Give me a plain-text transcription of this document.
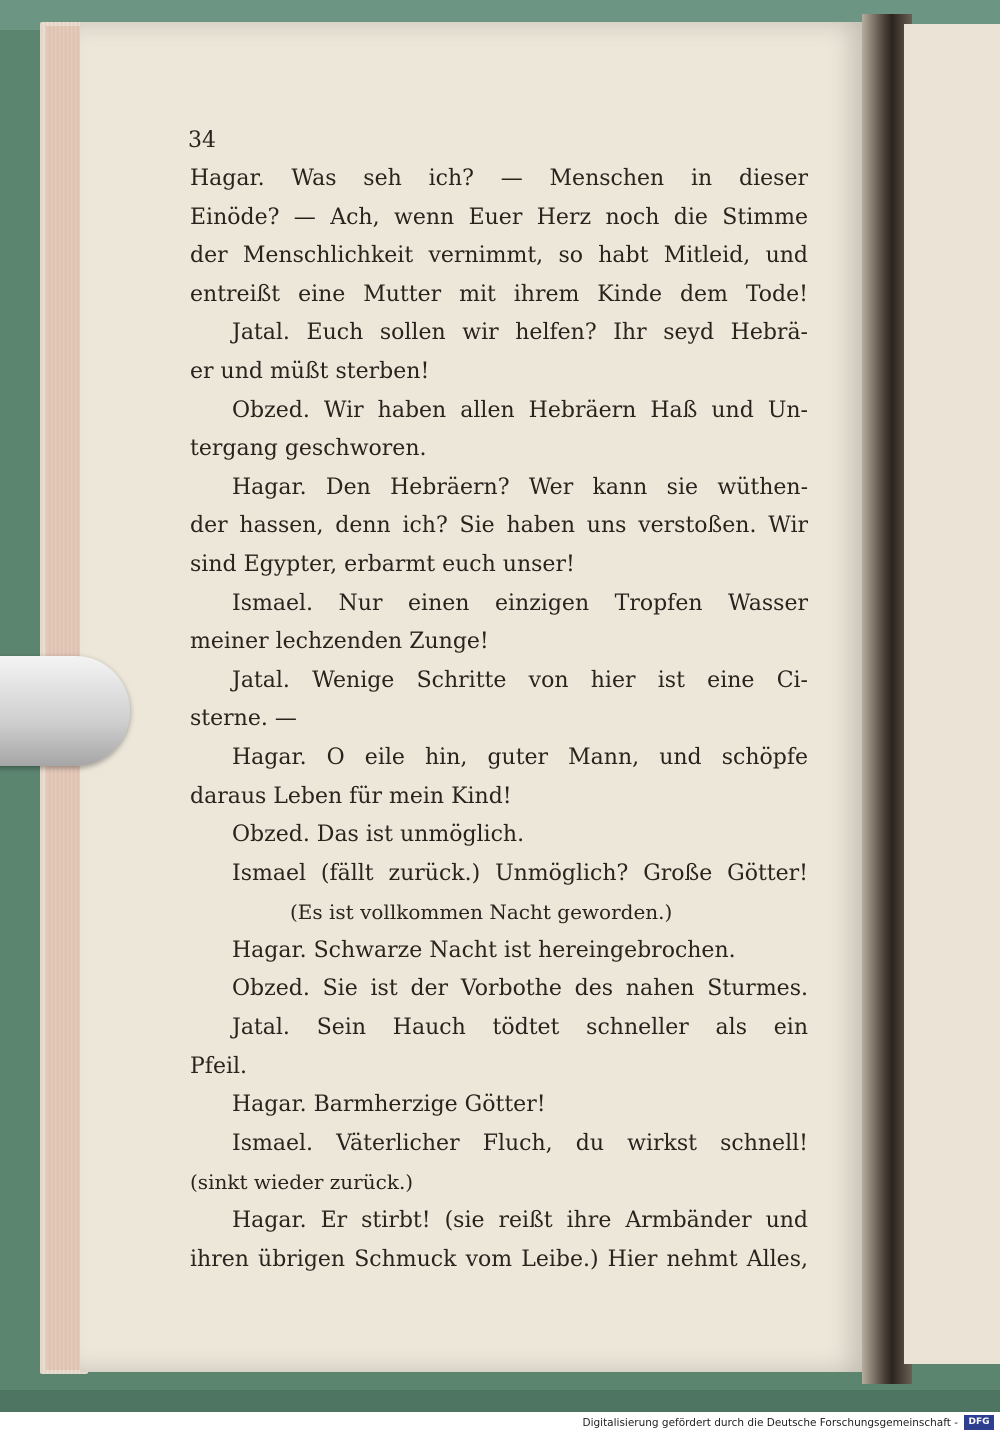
34
Hagar. Was seh ich? — Menschen in dieser
Einöde? — Ach, wenn Euer Herz noch die Stimme
der Menschlichkeit vernimmt, so habt Mitleid, und
entreißt eine Mutter mit ihrem Kinde dem Tode!
Jatal. Euch sollen wir helfen? Ihr seyd Hebrä-
er und müßt sterben!
Obzed. Wir haben allen Hebräern Haß und Un-
tergang geschworen.
Hagar. Den Hebräern? Wer kann sie wüthen-
der hassen, denn ich? Sie haben uns verstoßen. Wir
sind Egypter, erbarmt euch unser!
Ismael. Nur einen einzigen Tropfen Wasser
meiner lechzenden Zunge!
Jatal. Wenige Schritte von hier ist eine Ci-
sterne. —
Hagar. O eile hin, guter Mann, und schöpfe
daraus Leben für mein Kind!
Obzed. Das ist unmöglich.
Ismael (fällt zurück.) Unmöglich? Große Götter!
(Es ist vollkommen Nacht geworden.)
Hagar. Schwarze Nacht ist hereingebrochen.
Obzed. Sie ist der Vorbothe des nahen Sturmes.
Jatal. Sein Hauch tödtet schneller als ein
Pfeil.
Hagar. Barmherzige Götter!
Ismael. Väterlicher Fluch, du wirkst schnell!
(sinkt wieder zurück.)
Hagar. Er stirbt! (sie reißt ihre Armbänder und
ihren übrigen Schmuck vom Leibe.) Hier nehmt Alles,
Digitalisierung gefördert durch die Deutsche Forschungsgemeinschaft -	DFG
